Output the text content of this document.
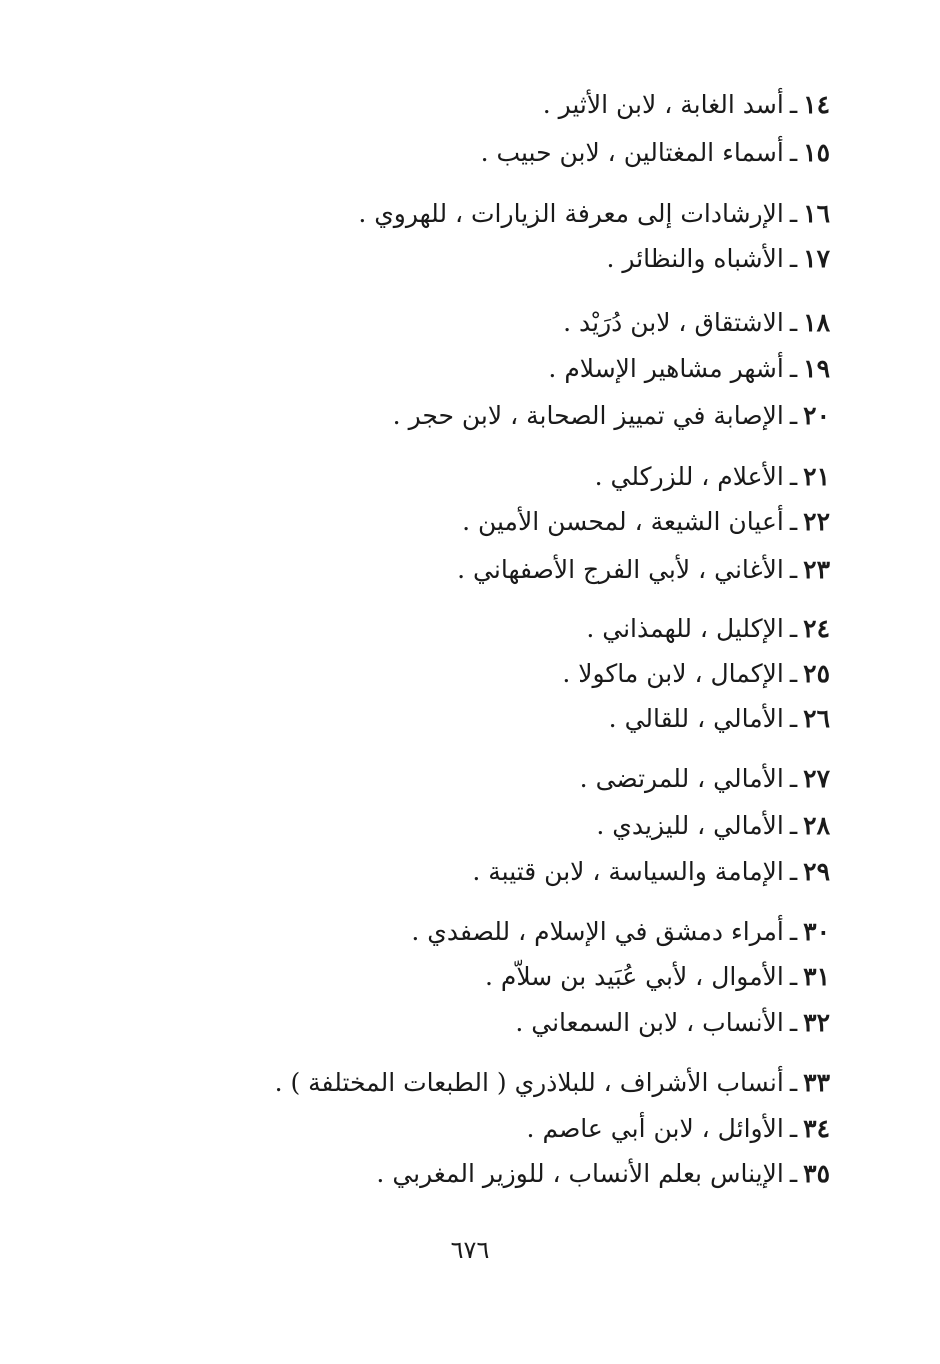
١٤ـأسد الغابة ، لابن الأثير .
١٥ـأسماء المغتالين ، لابن حبيب .
١٦ـالإرشادات إلى معرفة الزيارات ، للهروي .
١٧ـالأشباه والنظائر .
١٨ـالاشتقاق ، لابن دُرَيْد .
١٩ـأشهر مشاهير الإسلام .
٢٠ـالإصابة في تمييز الصحابة ، لابن حجر .
٢١ـالأعلام ، للزركلي .
٢٢ـأعيان الشيعة ، لمحسن الأمين .
٢٣ـالأغاني ، لأبي الفرج الأصفهاني .
٢٤ـالإكليل ، للهمذاني .
٢٥ـالإكمال ، لابن ماكولا .
٢٦ـالأمالي ، للقالي .
٢٧ـالأمالي ، للمرتضى .
٢٨ـالأمالي ، لليزيدي .
٢٩ـالإمامة والسياسة ، لابن قتيبة .
٣٠ـأمراء دمشق في الإسلام ، للصفدي .
٣١ـالأموال ، لأبي عُبَيد بن سلاّم .
٣٢ـالأنساب ، لابن السمعاني .
٣٣ـأنساب الأشراف ، للبلاذري ( الطبعات المختلفة ) .
٣٤ـالأوائل ، لابن أبي عاصم .
٣٥ـالإيناس بعلم الأنساب ، للوزير المغربي .
٦٧٦
